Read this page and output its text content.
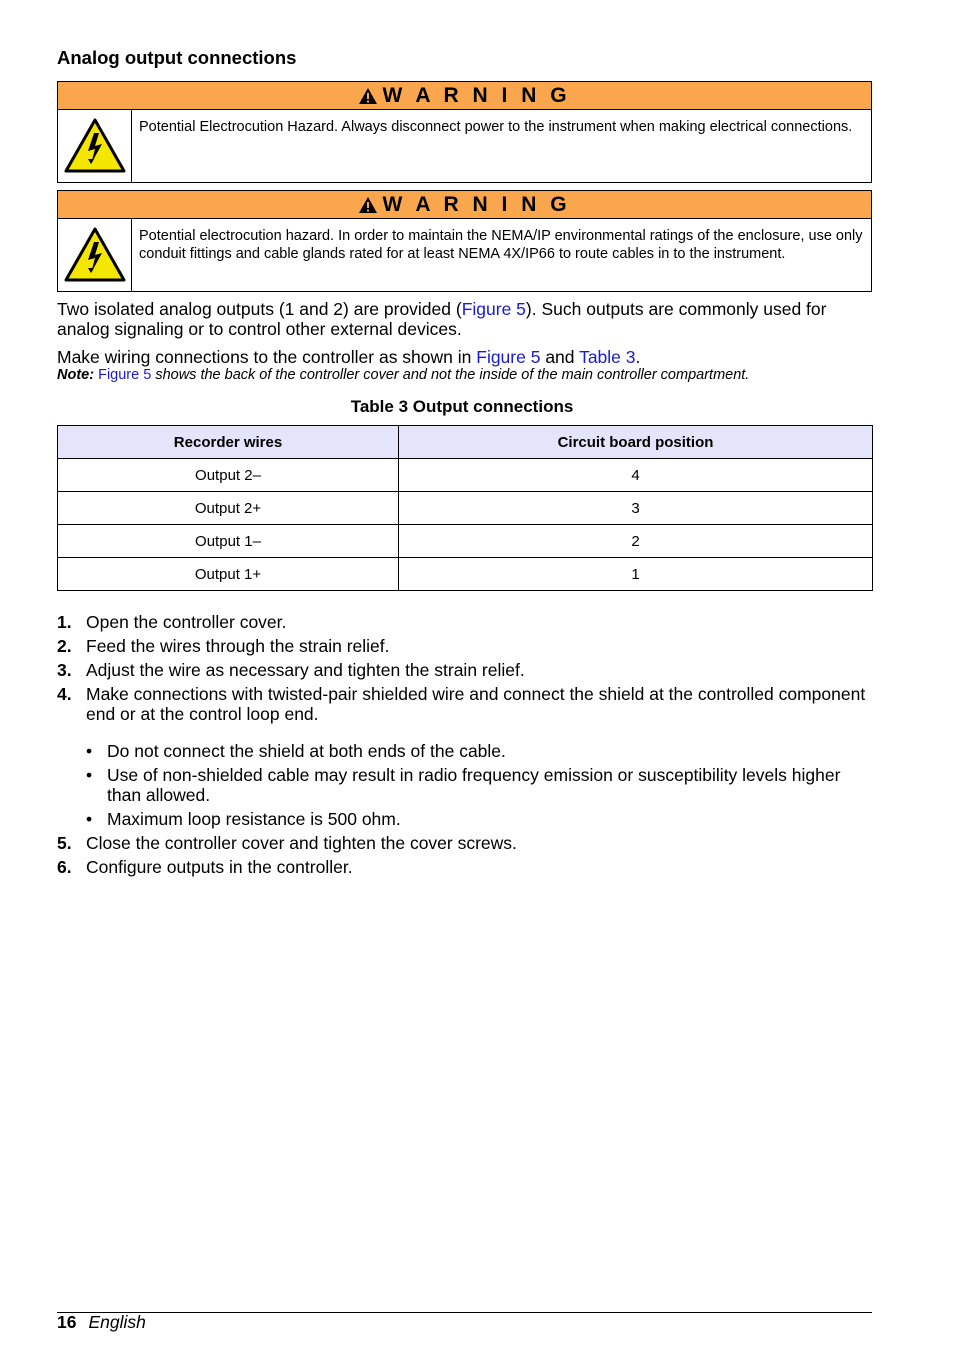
Analog output connections
W A R N I N G
Potential Electrocution Hazard. Always disconnect power to the instrument when making electrical connections.
W A R N I N G
Potential electrocution hazard. In order to maintain the NEMA/IP environmental ratings of the enclosure, use only conduit fittings and cable glands rated for at least NEMA 4X/IP66 to route cables in to the instrument.
Two isolated analog outputs (1 and 2) are provided (Figure 5). Such outputs are commonly used for analog signaling or to control other external devices.
Make wiring connections to the controller as shown in Figure 5 and Table 3.
Note: Figure 5 shows the back of the controller cover and not the inside of the main controller compartment.
Table 3 Output connections
Recorder wires	Circuit board position
Output 2–	4
Output 2+	3
Output 1–	2
Output 1+	1
1. Open the controller cover.
2. Feed the wires through the strain relief.
3. Adjust the wire as necessary and tighten the strain relief.
4. Make connections with twisted-pair shielded wire and connect the shield at the controlled component end or at the control loop end.
• Do not connect the shield at both ends of the cable.
• Use of non-shielded cable may result in radio frequency emission or susceptibility levels higher than allowed.
• Maximum loop resistance is 500 ohm.
5. Close the controller cover and tighten the cover screws.
6. Configure outputs in the controller.
16 English
